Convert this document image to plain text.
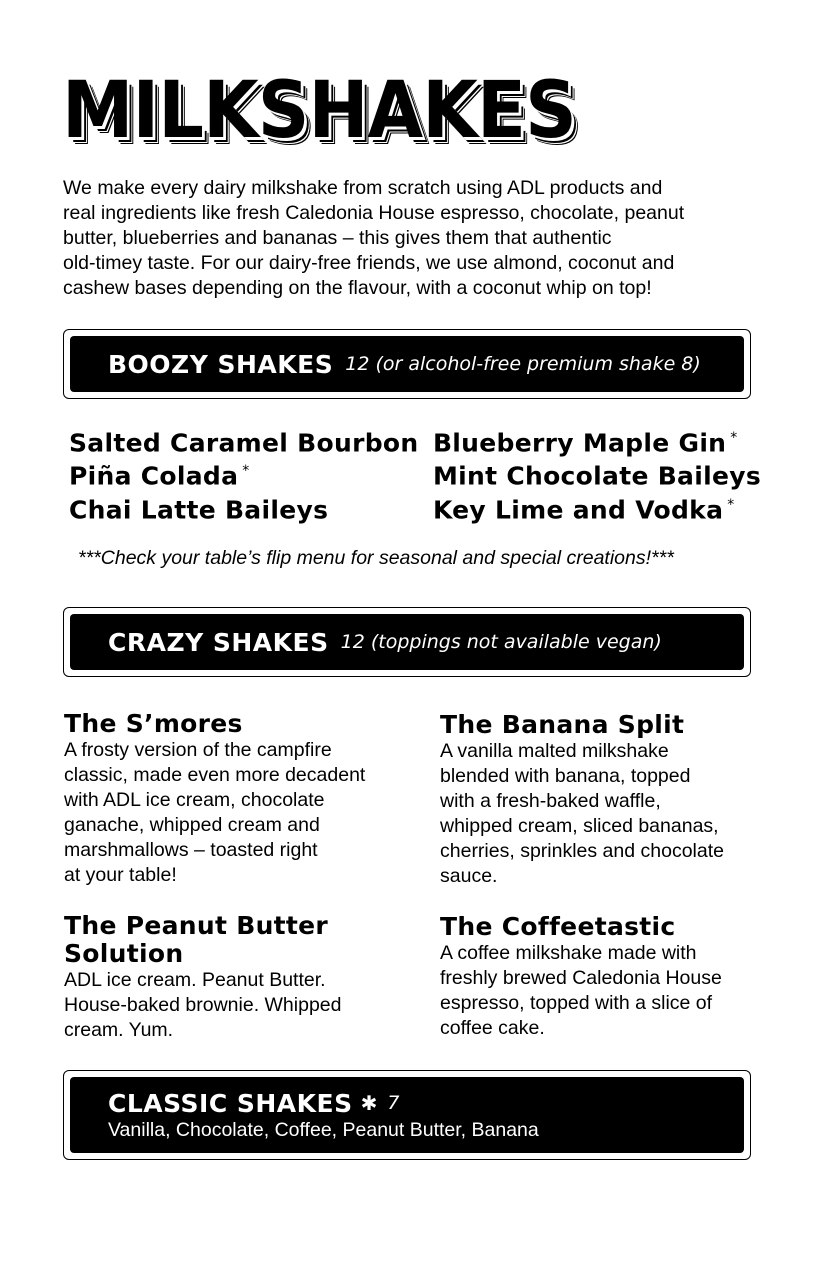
MILKSHAKES
We make every dairy milkshake from scratch using ADL products and
real ingredients like fresh Caledonia House espresso, chocolate, peanut
butter, blueberries and bananas – this gives them that authentic
old-timey taste. For our dairy-free friends, we use almond, coconut and
cashew bases depending on the flavour, with a coconut whip on top!
BOOZY SHAKES 12 (or alcohol-free premium shake 8)
Salted Caramel Bourbon
Piña Colada *
Chai Latte Baileys
Blueberry Maple Gin *
Mint Chocolate Baileys
Key Lime and Vodka *
***Check your table’s flip menu for seasonal and special creations!***
CRAZY SHAKES 12 (toppings not available vegan)
The S’mores
A frosty version of the campfire
classic, made even more decadent
with ADL ice cream, chocolate
ganache, whipped cream and
marshmallows – toasted right
at your table!
The Banana Split
A vanilla malted milkshake
blended with banana, topped
with a fresh-baked waffle,
whipped cream, sliced bananas,
cherries, sprinkles and chocolate
sauce.
The Peanut Butter
Solution
ADL ice cream. Peanut Butter.
House-baked brownie. Whipped
cream. Yum.
The Coffeetastic
A coffee milkshake made with
freshly brewed Caledonia House
espresso, topped with a slice of
coffee cake.
CLASSIC SHAKES ✱ 7
Vanilla, Chocolate, Coffee, Peanut Butter, Banana
